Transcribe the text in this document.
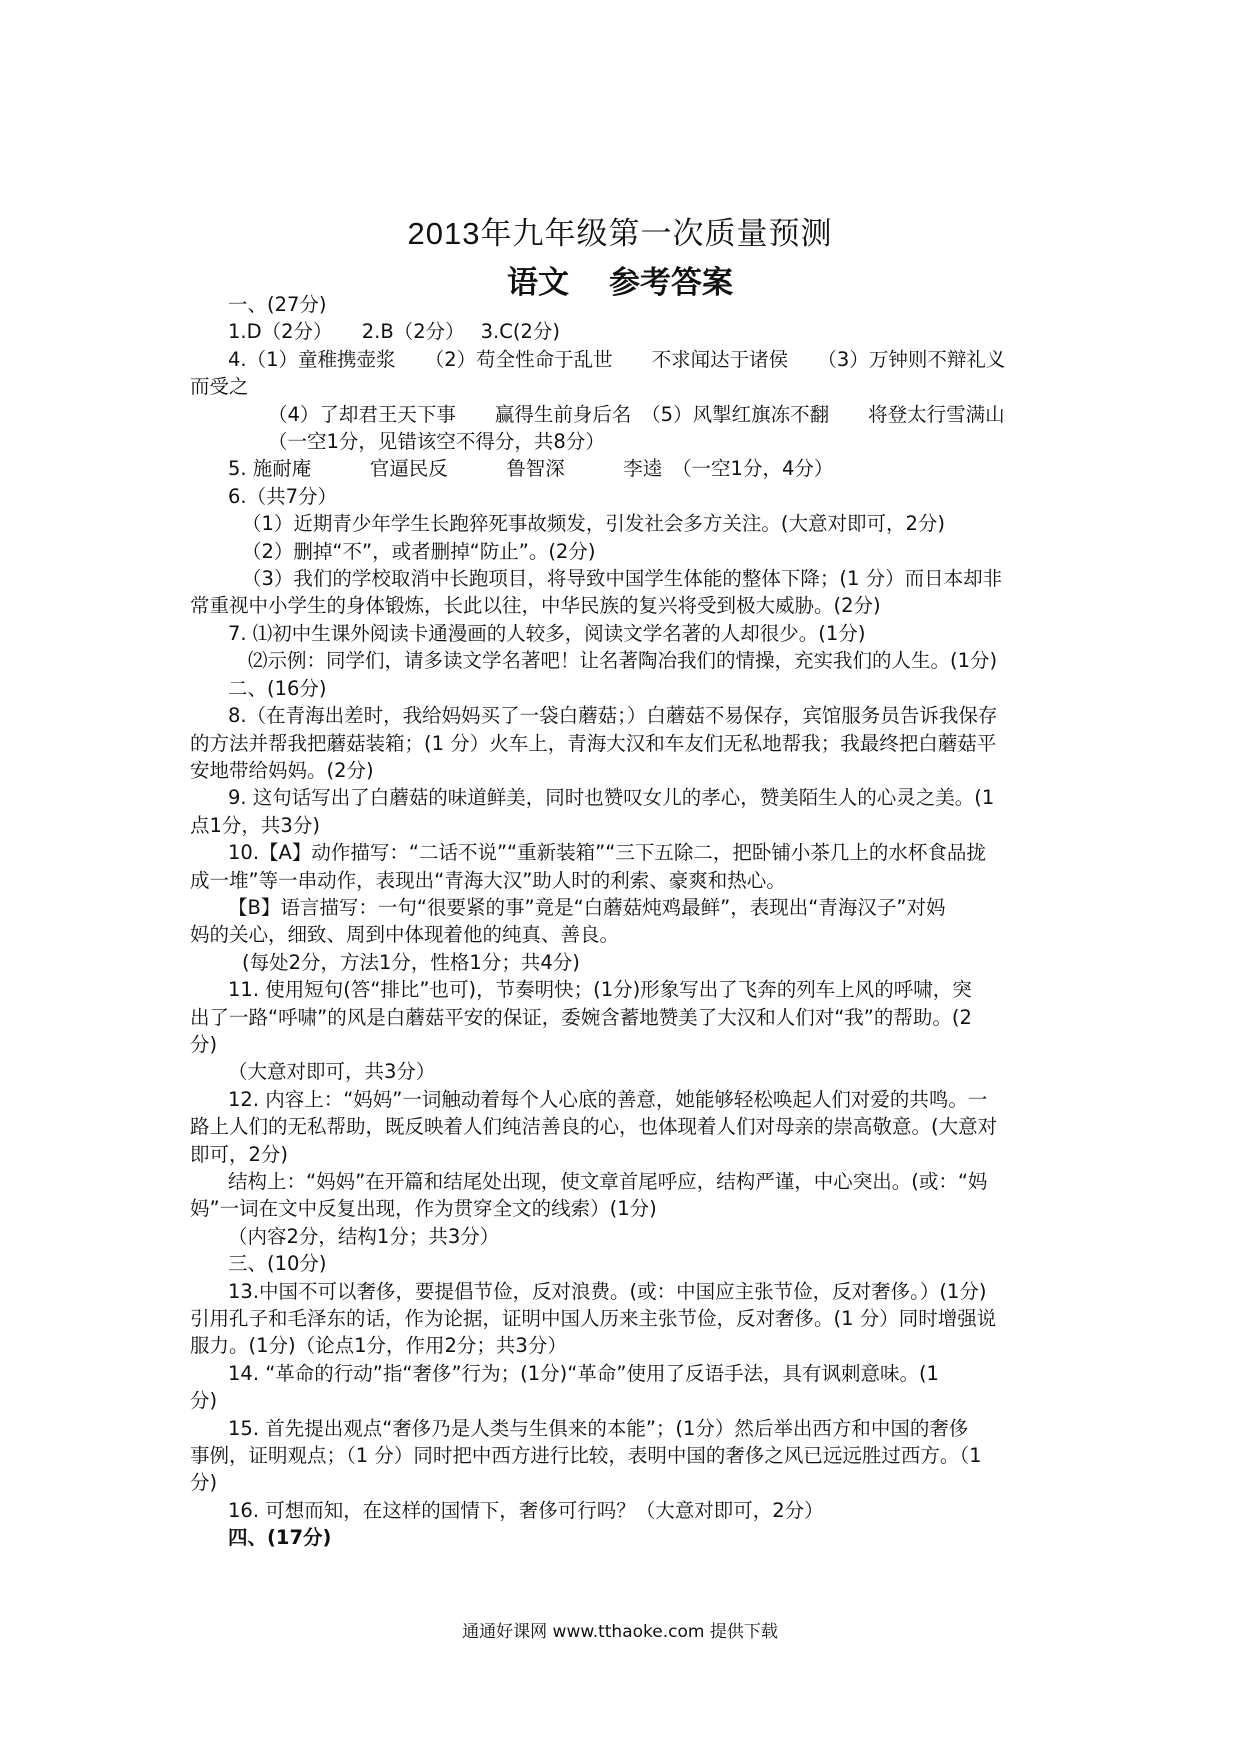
2013年九年级第一次质量预测
语文 参考答案
一、(27分)
1.D（2分）　　2.B（2分）　 3.C(2分)
4.（1）童稚携壶浆　　（2）苟全性命于乱世　　不求闻达于诸侯　　（3）万钟则不辩礼义
而受之
（4）了却君王天下事　　赢得生前身后名　（5）风掣红旗冻不翻　　将登太行雪满山
（一空1分，见错该空不得分，共8分）
5. 施耐庵　　　官逼民反　　　鲁智深　　　李逵　（一空1分，4分）
6.（共7分）
（1）近期青少年学生长跑猝死事故频发，引发社会多方关注。(大意对即可，2分)
（2）删掉“不”，或者删掉“防止”。(2分)
（3）我们的学校取消中长跑项目，将导致中国学生体能的整体下降；(1 分）而日本却非
常重视中小学生的身体锻炼，长此以往，中华民族的复兴将受到极大威胁。(2分)
7. ⑴初中生课外阅读卡通漫画的人较多，阅读文学名著的人却很少。(1分)
⑵示例：同学们，请多读文学名著吧！让名著陶冶我们的情操，充实我们的人生。(1分)
二、(16分)
8.（在青海出差时，我给妈妈买了一袋白蘑菇；）白蘑菇不易保存，宾馆服务员告诉我保存
的方法并帮我把蘑菇装箱；(1 分）火车上，青海大汉和车友们无私地帮我；我最终把白蘑菇平
安地带给妈妈。(2分)
9. 这句话写出了白蘑菇的味道鲜美，同时也赞叹女儿的孝心，赞美陌生人的心灵之美。(1
点1分，共3分)
10.【A】动作描写：“二话不说”“重新装箱”“三下五除二，把卧铺小茶几上的水杯食品拢
成一堆”等一串动作，表现出“青海大汉”助人时的利索、豪爽和热心。
【B】语言描写：一句“很要紧的事”竟是“白蘑菇炖鸡最鲜”，表现出“青海汉子”对妈
妈的关心，细致、周到中体现着他的纯真、善良。
(每处2分，方法1分，性格1分；共4分)
11. 使用短句(答“排比”也可)，节奏明快；(1分)形象写出了飞奔的列车上风的呼啸，突
出了一路“呼啸”的风是白蘑菇平安的保证，委婉含蓄地赞美了大汉和人们对“我”的帮助。(2
分)
（大意对即可，共3分）
12. 内容上：“妈妈”一词触动着每个人心底的善意，她能够轻松唤起人们对爱的共鸣。一
路上人们的无私帮助，既反映着人们纯洁善良的心，也体现着人们对母亲的崇高敬意。(大意对
即可，2分)
结构上：“妈妈”在开篇和结尾处出现，使文章首尾呼应，结构严谨，中心突出。(或：“妈
妈”一词在文中反复出现，作为贯穿全文的线索）(1分)
（内容2分，结构1分；共3分）
三、(10分)
13.中国不可以奢侈，要提倡节俭，反对浪费。(或：中国应主张节俭，反对奢侈。）(1分)
引用孔子和毛泽东的话，作为论据，证明中国人历来主张节俭，反对奢侈。(1 分）同时增强说
服力。(1分)（论点1分，作用2分；共3分）
14. “革命的行动”指“奢侈”行为；(1分)“革命”使用了反语手法，具有讽刺意味。(1
分)
15. 首先提出观点“奢侈乃是人类与生俱来的本能”；(1分）然后举出西方和中国的奢侈
事例，证明观点；（1 分）同时把中西方进行比较，表明中国的奢侈之风已远远胜过西方。（1
分)
16. 可想而知，在这样的国情下，奢侈可行吗？（大意对即可，2分）
四、(17分)
通通好课网 www.tthaoke.com 提供下载
